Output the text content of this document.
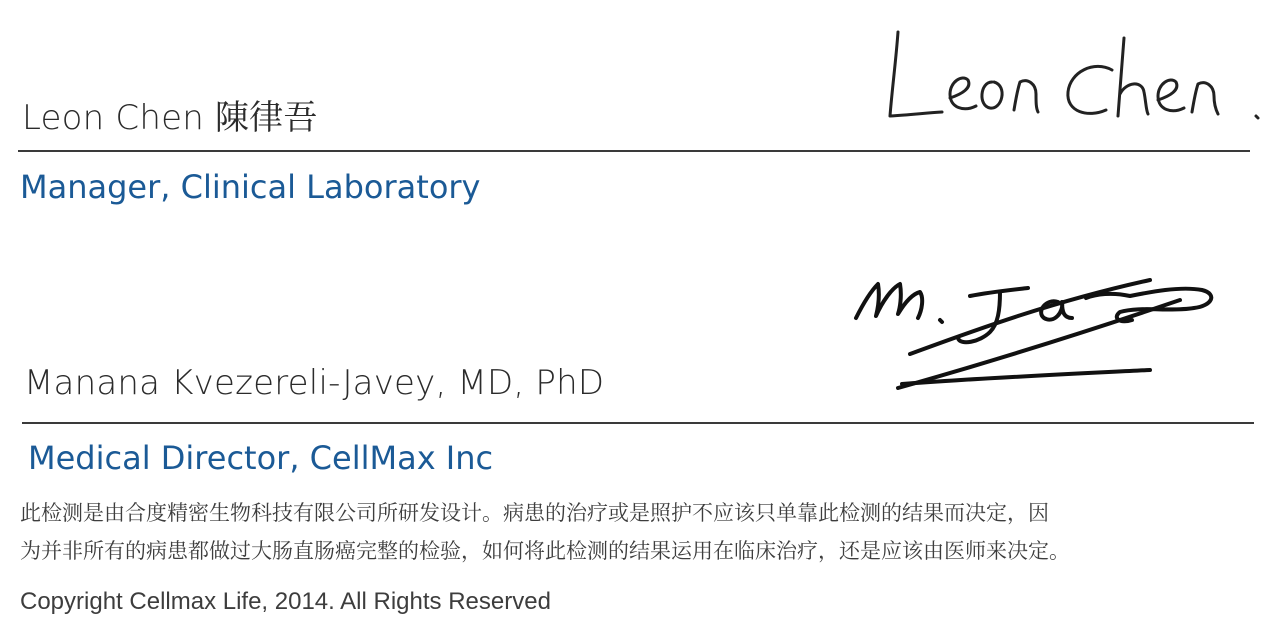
Leon Chen 陳律吾
Manager, Clinical Laboratory
Manana Kvezereli-Javey, MD, PhD
Medical Director, CellMax Inc
此检测是由合度精密生物科技有限公司所研发设计。病患的治疗或是照护不应该只单靠此检测的结果而决定，因
为并非所有的病患都做过大肠直肠癌完整的检验，如何将此检测的结果运用在临床治疗，还是应该由医师来决定。
Copyright Cellmax Life, 2014. All Rights Reserved
